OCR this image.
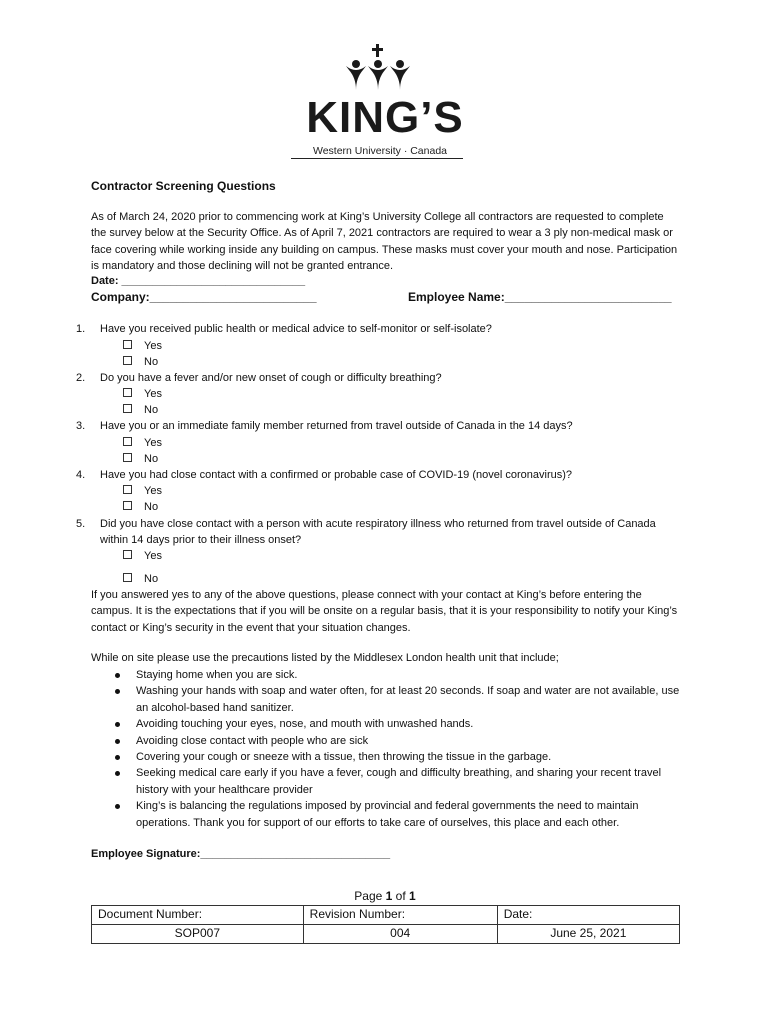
KING’S
Western University · Canada
Contractor Screening Questions
As of March 24, 2020 prior to commencing work at King’s University College all contractors are requested to complete the survey below at the Security Office. As of April 7, 2021 contractors are required to wear a 3 ply non-medical mask or face covering while working inside any building on campus. These masks must cover your mouth and nose. Participation is mandatory and those declining will not be granted entrance.
Date: ______________________________
Company:_________________________	Employee Name:_________________________
1. Have you received public health or medical advice to self-monitor or self-isolate?
Yes
No
2. Do you have a fever and/or new onset of cough or difficulty breathing?
Yes
No
3. Have you or an immediate family member returned from travel outside of Canada in the 14 days?
Yes
No
4. Have you had close contact with a confirmed or probable case of COVID-19 (novel coronavirus)?
Yes
No
5. Did you have close contact with a person with acute respiratory illness who returned from travel outside of Canada within 14 days prior to their illness onset?
Yes
No
If you answered yes to any of the above questions, please connect with your contact at King’s before entering the campus. It is the expectations that if you will be onsite on a regular basis, that it is your responsibility to notify your King’s contact or King’s security in the event that your situation changes.
While on site please use the precautions listed by the Middlesex London health unit that include;
Staying home when you are sick.
Washing your hands with soap and water often, for at least 20 seconds. If soap and water are not available, use an alcohol-based hand sanitizer.
Avoiding touching your eyes, nose, and mouth with unwashed hands.
Avoiding close contact with people who are sick
Covering your cough or sneeze with a tissue, then throwing the tissue in the garbage.
Seeking medical care early if you have a fever, cough and difficulty breathing, and sharing your recent travel history with your healthcare provider
King’s is balancing the regulations imposed by provincial and federal governments the need to maintain operations. Thank you for support of our efforts to take care of ourselves, this place and each other.
Employee Signature:_______________________________
Page 1 of 1
Document Number:	Revision Number:	Date:
SOP007	004	June 25, 2021
